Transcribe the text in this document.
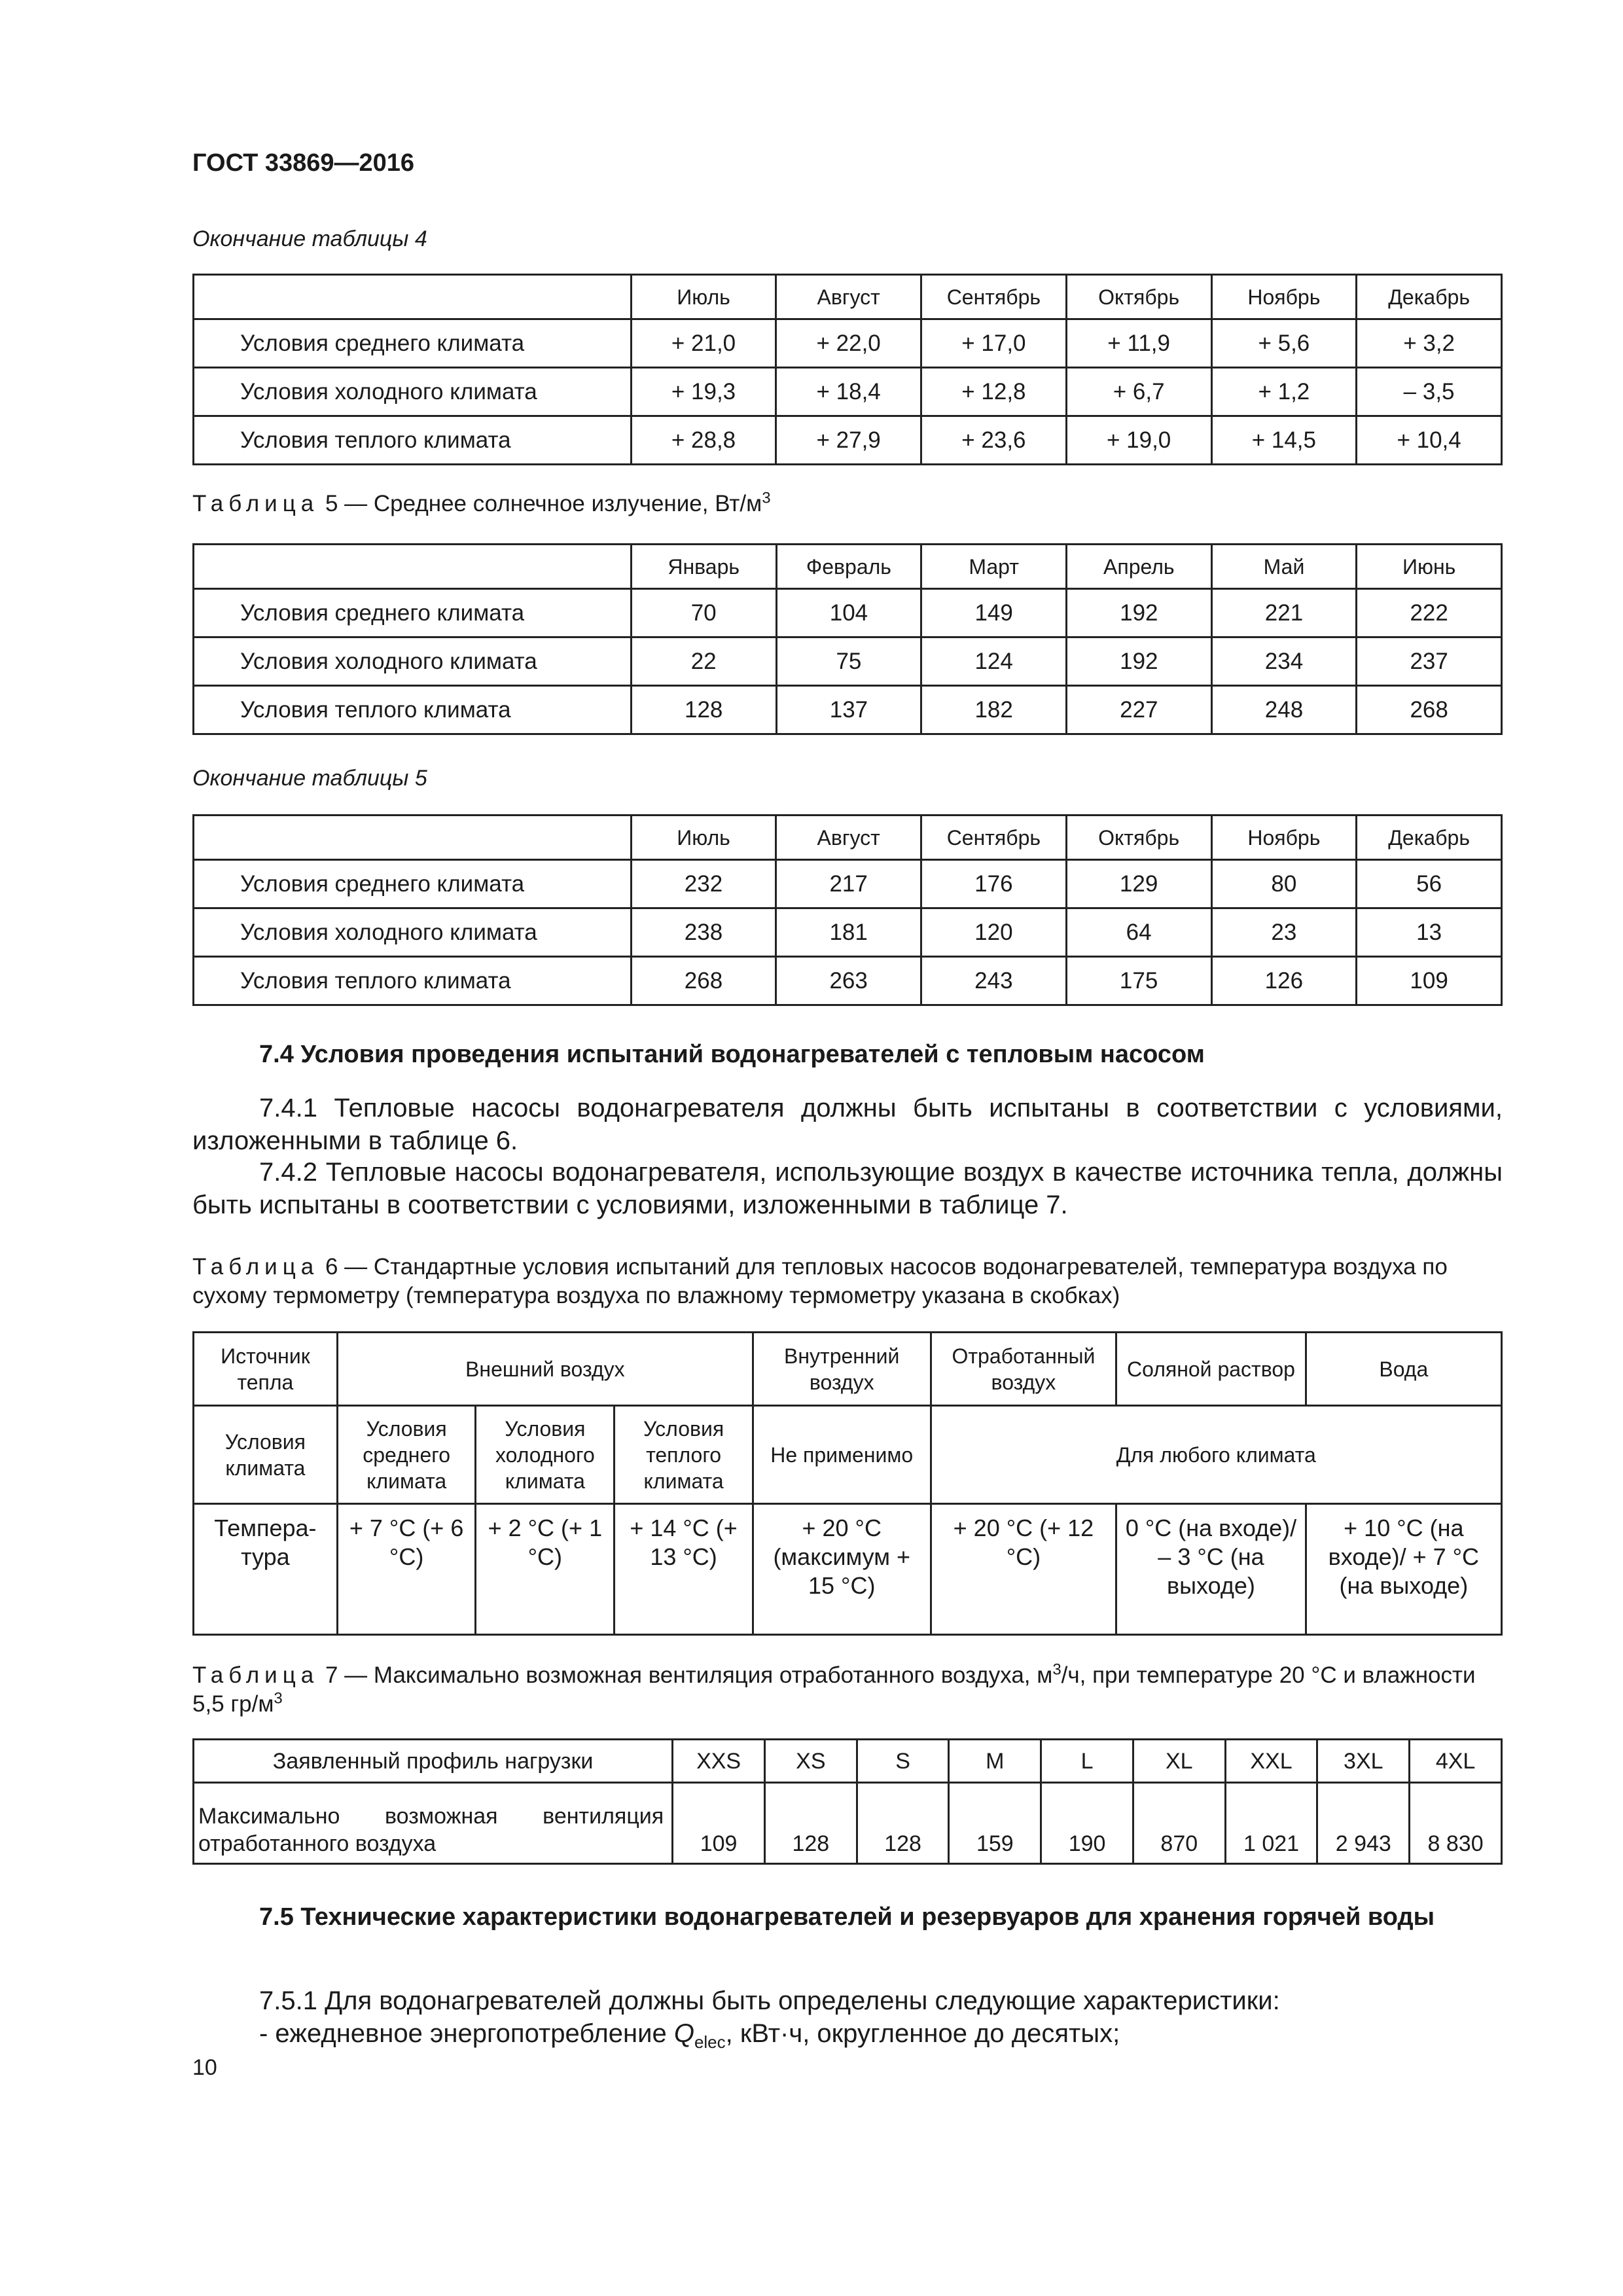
ГОСТ 33869—2016
Окончание таблицы 4
	Июль	Август	Сентябрь	Октябрь	Ноябрь	Декабрь
Условия среднего климата	+ 21,0	+ 22,0	+ 17,0	+ 11,9	+ 5,6	+ 3,2
Условия холодного климата	+ 19,3	+ 18,4	+ 12,8	+ 6,7	+ 1,2	– 3,5
Условия теплого климата	+ 28,8	+ 27,9	+ 23,6	+ 19,0	+ 14,5	+ 10,4
Таблица 5 — Среднее солнечное излучение, $Вт/м^3$
	Январь	Февраль	Март	Апрель	Май	Июнь
Условия среднего климата	70	104	149	192	221	222
Условия холодного климата	22	75	124	192	234	237
Условия теплого климата	128	137	182	227	248	268
Окончание таблицы 5
	Июль	Август	Сентябрь	Октябрь	Ноябрь	Декабрь
Условия среднего климата	232	217	176	129	80	56
Условия холодного климата	238	181	120	64	23	13
Условия теплого климата	268	263	243	175	126	109
7.4 Условия проведения испытаний водонагревателей с тепловым насосом
7.4.1 Тепловые насосы водонагревателя должны быть испытаны в соответствии с условиями, изложенными в таблице 6.
7.4.2 Тепловые насосы водонагревателя, использующие воздух в качестве источника тепла, должны быть испытаны в соответствии с условиями, изложенными в таблице 7.
Таблица 6 — Стандартные условия испытаний для тепловых насосов водонагревателей, температура воздуха по сухому термометру (температура воздуха по влажному термометру указана в скобках)
Источник тепла	Внешний воздух			Внутренний воздух	Отработанный воздух	Соляной раствор	Вода
Условия климата	Условия среднего климата	Условия холодного климата	Условия теплого климата	Не применимо	Для любого климата		
Темпера-тура	+ 7 °C (+ 6 °C)	+ 2 °C (+ 1 °C)	+ 14 °C (+ 13 °C)	+ 20 °C (максимум + 15 °C)	+ 20 °C (+ 12 °C)	0 °C (на входе)/ – 3 °C (на выходе)	+ 10 °C (на входе)/ + 7 °C (на выходе)
Таблица 7 — Максимально возможная вентиляция отработанного воздуха, $м^3/ч$, при температуре 20 °C и влажности 5,5 $гр/м^3$
Заявленный профиль нагрузки	XXS	XS	S	M	L	XL	XXL	3XL	4XL
Максимально возможная вентиляция отработанного воздуха	109	128	128	159	190	870	1 021	2 943	8 830
7.5 Технические характеристики водонагревателей и резервуаров для хранения горячей воды
7.5.1 Для водонагревателей должны быть определены следующие характеристики:
- ежедневное энергопотребление $Q_{elec}$, кВт·ч, округленное до десятых;
10
